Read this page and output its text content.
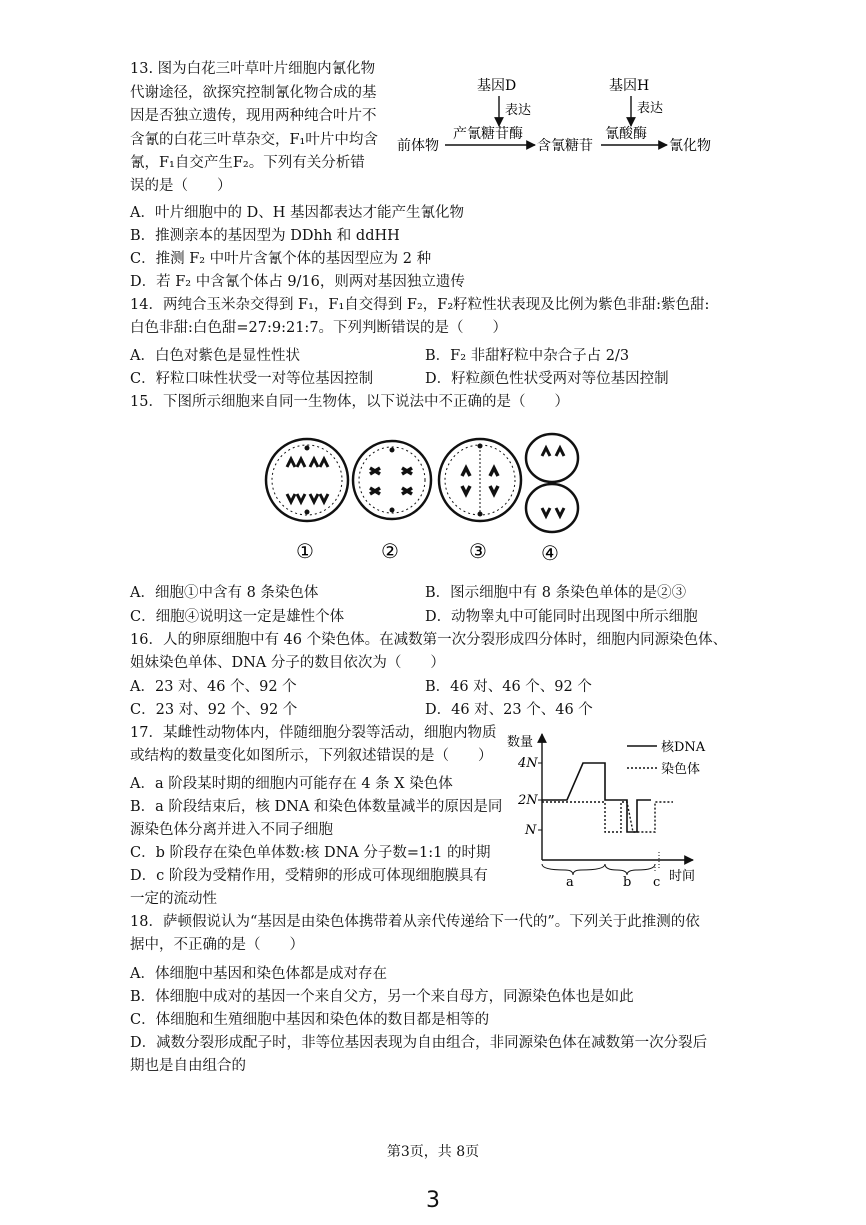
13. 图为白花三叶草叶片细胞内氰化物代谢途径，欲探究控制氰化物合成的基因是否独立遗传，现用两种纯合叶片不含氰的白花三叶草杂交，F₁叶片中均含氰，F₁自交产生F₂。下列有关分析错
误的是（　　）
基因D
表达
基因H
表达
产氰糖苷酶	氰酸酶
前体物	含氰糖苷	氰化物
A．叶片细胞中的 D、H 基因都表达才能产生氰化物
B．推测亲本的基因型为 DDhh 和 ddHH
C．推测 F₂ 中叶片含氰个体的基因型应为 2 种
D．若 F₂ 中含氰个体占 9/16，则两对基因独立遗传
14．两纯合玉米杂交得到 F₁，F₁自交得到 F₂，F₂籽粒性状表现及比例为紫色非甜:紫色甜:
白色非甜:白色甜=27:9:21:7。下列判断错误的是（　　）
A．白色对紫色是显性性状	B．F₂ 非甜籽粒中杂合子占 2/3
C．籽粒口味性状受一对等位基因控制	D．籽粒颜色性状受两对等位基因控制
15．下图所示细胞来自同一生物体，以下说法中不正确的是（　　）
①	②	③	④
A．细胞①中含有 8 条染色体	B．图示细胞中有 8 条染色单体的是②③
C．细胞④说明这一定是雄性个体	D．动物睾丸中可能同时出现图中所示细胞
16．人的卵原细胞中有 46 个染色体。在减数第一次分裂形成四分体时，细胞内同源染色体、
姐妹染色单体、DNA 分子的数目依次为（　　）
A．23 对、46 个、92 个	B．46 对、46 个、92 个
C．23 对、92 个、92 个	D．46 对、23 个、46 个
17．某雌性动物体内，伴随细胞分裂等活动，细胞内物质
或结构的数量变化如图所示，下列叙述错误的是（　　）
A．a 阶段某时期的细胞内可能存在 4 条 X 染色体
B．a 阶段结束后，核 DNA 和染色体数量减半的原因是同
源染色体分离并进入不同子细胞
C．b 阶段存在染色单体数:核 DNA 分子数=1:1 的时期
D．c 阶段为受精作用，受精卵的形成可体现细胞膜具有
一定的流动性
数量
4N
2N
N
核DNA
染色体
a	b c 时间
18．萨顿假说认为“基因是由染色体携带着从亲代传递给下一代的”。下列关于此推测的依
据中，不正确的是（　　）
A．体细胞中基因和染色体都是成对存在
B．体细胞中成对的基因一个来自父方，另一个来自母方，同源染色体也是如此
C．体细胞和生殖细胞中基因和染色体的数目都是相等的
D．减数分裂形成配子时，非等位基因表现为自由组合，非同源染色体在减数第一次分裂后
期也是自由组合的
第3页，共 8页
3
